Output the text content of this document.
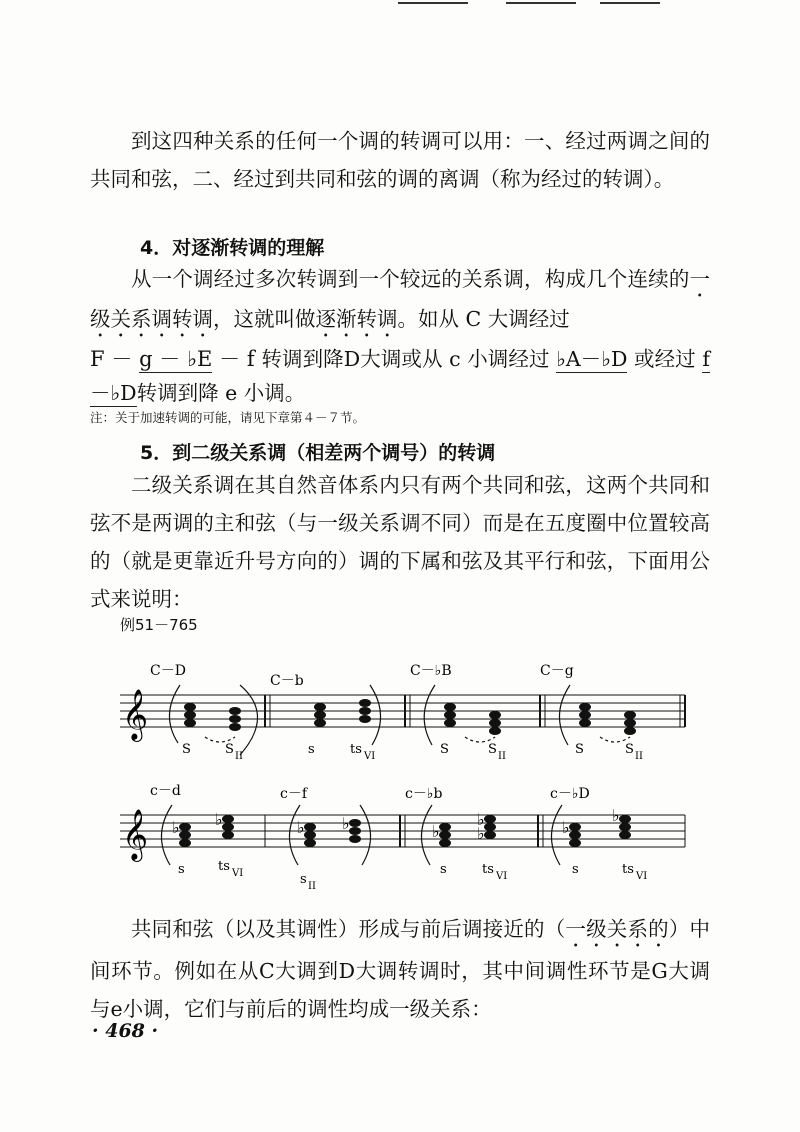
到这四种关系的任何一个调的转调可以用：一、经过两调之间的共同和弦，二、经过到共同和弦的调的离调（称为经过的转调）。

4．对逐渐转调的理解

从一个调经过多次转调到一个较远的关系调，构成几个连续的一级关系调转调，这就叫做逐渐转调。如从 C 大调经过
F － g － ♭E － f 转调到降D大调或从 c 小调经过 ♭A－♭D 或经过 f－♭D转调到降 e 小调。

注：关于加速转调的可能，请见下章第４－７节。
5．到二级关系调（相差两个调号）的转调

二级关系调在其自然音体系内只有两个共同和弦，这两个共同和弦不是两调的主和弦（与一级关系调不同）而是在五度圈中位置较高的（就是更靠近升号方向的）调的下属和弦及其平行和弦，下面用公式来说明：

例51－765
𝄞
C－D
C－b
C－♭B	C－g
S	S II	s	ts VI	S	S II	S	S II
𝄞 ♭ ♭	♭ ♭	♭
♭
♭	♭
♭
c－d	c－f	c－♭b	c－♭D
s	ts VI	s II
s	ts VI	s	ts VI

共同和弦（以及其调性）形成与前后调接近的（一级关系的）中间环节。例如在从C大调到D大调转调时，其中间调性环节是G大调与e小调，它们与前后的调性均成一级关系：

· 468 ·
